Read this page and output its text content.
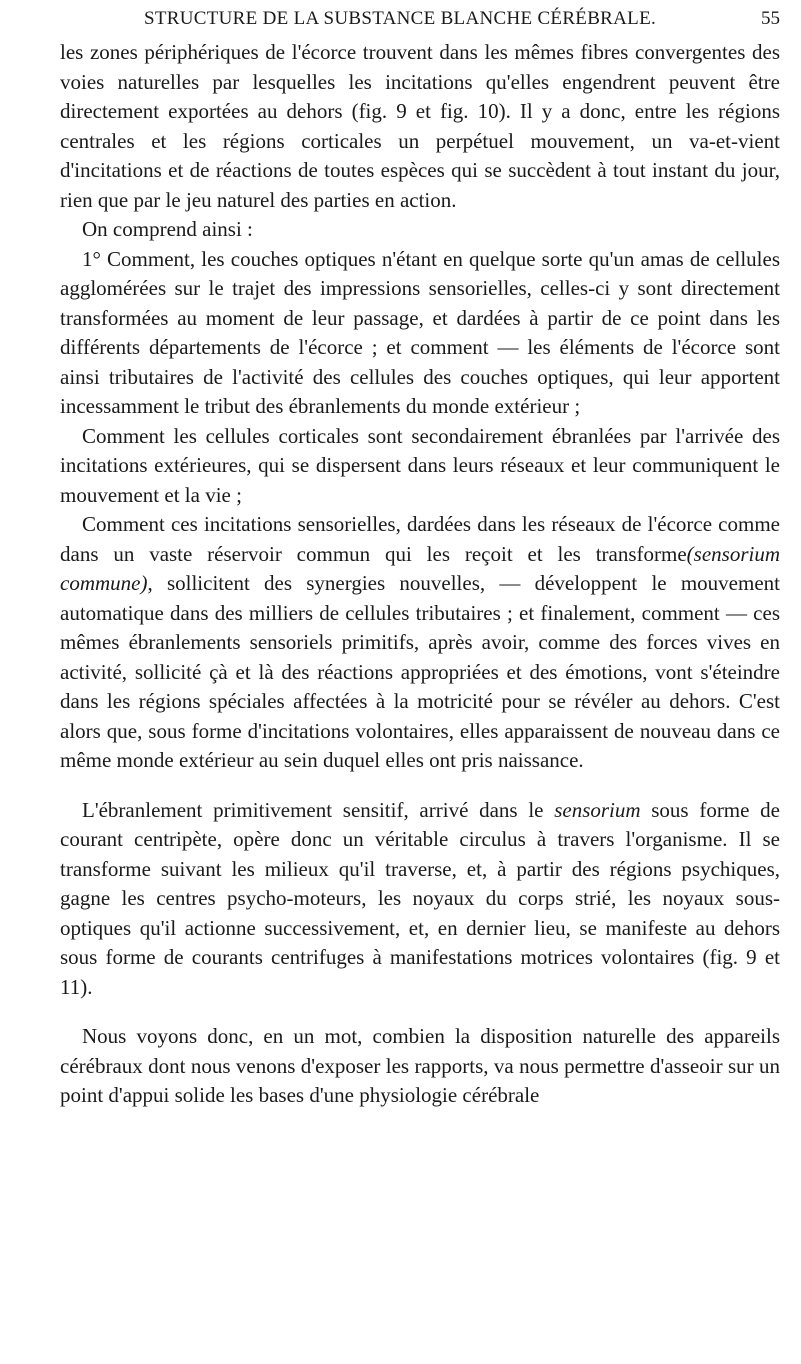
STRUCTURE DE LA SUBSTANCE BLANCHE CÉRÉBRALE.	55

les zones périphériques de l'écorce trouvent dans les mêmes fibres convergentes des voies naturelles par lesquelles les incitations qu'elles engendrent peuvent être directement exportées au dehors (fig. 9 et fig. 10). Il y a donc, entre les régions centrales et les régions corticales un perpétuel mouvement, un va-et-vient d'incitations et de réactions de toutes espèces qui se succèdent à tout instant du jour, rien que par le jeu naturel des parties en action.

On comprend ainsi :

1° Comment, les couches optiques n'étant en quelque sorte qu'un amas de cellules agglomérées sur le trajet des impressions sensorielles, celles-ci y sont directement transformées au moment de leur passage, et dardées à partir de ce point dans les différents départements de l'écorce ; et comment — les éléments de l'écorce sont ainsi tributaires de l'activité des cellules des couches optiques, qui leur apportent incessamment le tribut des ébranlements du monde extérieur ;

Comment les cellules corticales sont secondairement ébranlées par l'arrivée des incitations extérieures, qui se dispersent dans leurs réseaux et leur communiquent le mouvement et la vie ;

Comment ces incitations sensorielles, dardées dans les réseaux de l'écorce comme dans un vaste réservoir commun qui les reçoit et les transforme(sensorium commune), sollicitent des synergies nouvelles, — développent le mouvement automatique dans des milliers de cellules tributaires ; et finalement, comment — ces mêmes ébranlements sensoriels primitifs, après avoir, comme des forces vives en activité, sollicité çà et là des réactions appropriées et des émotions, vont s'éteindre dans les régions spéciales affectées à la motricité pour se révéler au dehors. C'est alors que, sous forme d'incitations volontaires, elles apparaissent de nouveau dans ce même monde extérieur au sein duquel elles ont pris naissance.

L'ébranlement primitivement sensitif, arrivé dans le sensorium sous forme de courant centripète, opère donc un véritable circulus à travers l'organisme. Il se transforme suivant les milieux qu'il traverse, et, à partir des régions psychiques, gagne les centres psycho-moteurs, les noyaux du corps strié, les noyaux sous-optiques qu'il actionne successivement, et, en dernier lieu, se manifeste au dehors sous forme de courants centrifuges à manifestations motrices volontaires (fig. 9 et 11).

Nous voyons donc, en un mot, combien la disposition naturelle des appareils cérébraux dont nous venons d'exposer les rapports, va nous permettre d'asseoir sur un point d'appui solide les bases d'une physiologie cérébrale
